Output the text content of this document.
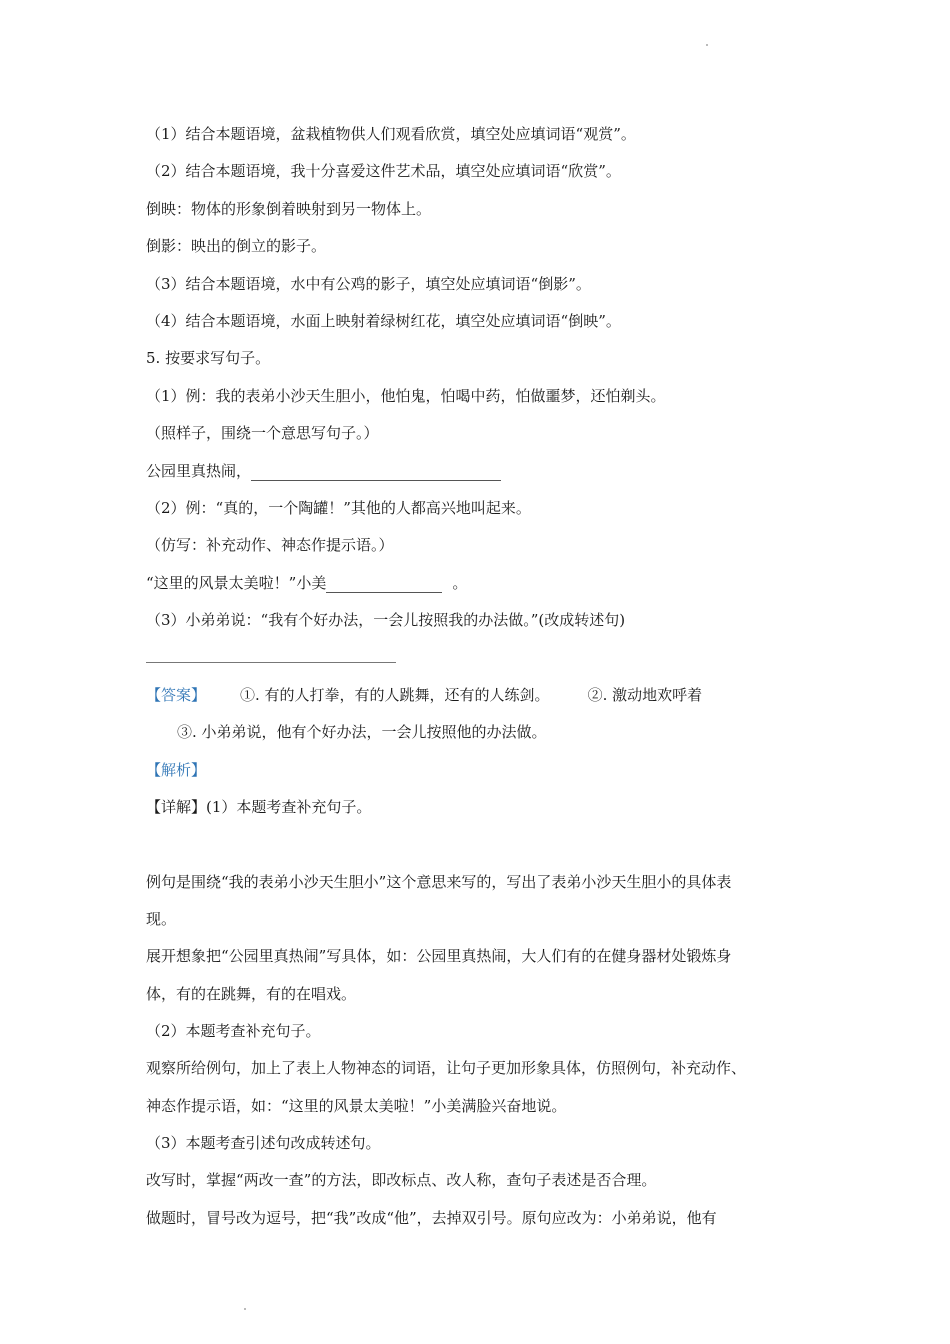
（1）结合本题语境，盆栽植物供人们观看欣赏，填空处应填词语“观赏”。
（2）结合本题语境，我十分喜爱这件艺术品，填空处应填词语“欣赏”。
倒映：物体的形象倒着映射到另一物体上。
倒影：映出的倒立的影子。
（3）结合本题语境，水中有公鸡的影子，填空处应填词语“倒影”。
（4）结合本题语境，水面上映射着绿树红花，填空处应填词语“倒映”。
5. 按要求写句子。
（1）例：我的表弟小沙天生胆小，他怕鬼，怕喝中药，怕做噩梦，还怕剃头。
（照样子，围绕一个意思写句子。）
公园里真热闹，
（2）例：“真的，一个陶罐！”其他的人都高兴地叫起来。
（仿写：补充动作、神态作提示语。）
“这里的风景太美啦！”小美	。
（3）小弟弟说：“我有个好办法，一会儿按照我的办法做。”(改成转述句)
【答案】 ①. 有的人打拳，有的人跳舞，还有的人练剑。	②. 激动地欢呼着
③. 小弟弟说，他有个好办法，一会儿按照他的办法做。
【解析】
【详解】(1）本题考查补充句子。
例句是围绕“我的表弟小沙天生胆小”这个意思来写的，写出了表弟小沙天生胆小的具体表
现。
展开想象把“公园里真热闹”写具体，如：公园里真热闹，大人们有的在健身器材处锻炼身
体，有的在跳舞，有的在唱戏。
（2）本题考查补充句子。
观察所给例句，加上了表上人物神态的词语，让句子更加形象具体，仿照例句，补充动作、
神态作提示语，如：“这里的风景太美啦！”小美满脸兴奋地说。
（3）本题考查引述句改成转述句。
改写时，掌握“两改一查”的方法，即改标点、改人称，查句子表述是否合理。
做题时，冒号改为逗号，把“我”改成“他”，去掉双引号。原句应改为：小弟弟说，他有
